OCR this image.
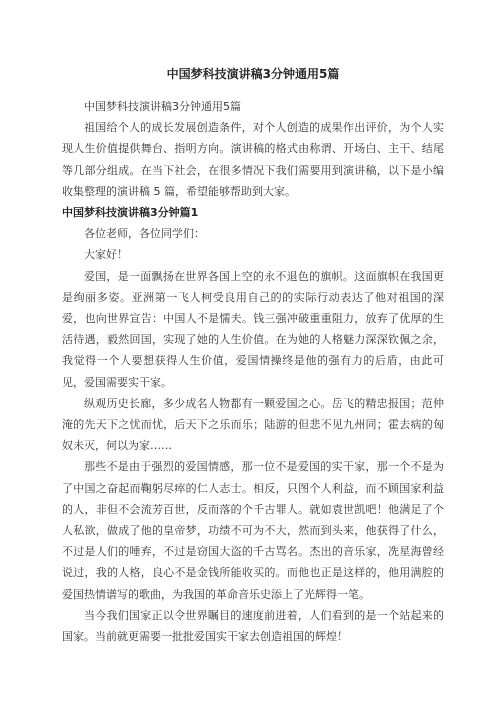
中国梦科技演讲稿3分钟通用5篇

中国梦科技演讲稿3分钟通用5篇

祖国给个人的成长发展创造条件，对个人创造的成果作出评价，为个人实现人生价值提供舞台、指明方向。演讲稿的格式由称谓、开场白、主干、结尾等几部分组成。在当下社会，在很多情况下我们需要用到演讲稿，以下是小编收集整理的演讲稿 5 篇，希望能够帮助到大家。

中国梦科技演讲稿3分钟篇1

各位老师，各位同学们：

大家好！

爱国，是一面飘扬在世界各国上空的永不退色的旗帜。这面旗帜在我国更是绚丽多姿。亚洲第一飞人柯受良用自己的的实际行动表达了他对祖国的深爱，也向世界宣告：中国人不是懦夫。钱三强冲破重重阻力，放弃了优厚的生活待遇，毅然回国，实现了她的人生价值。在为她的人格魅力深深钦佩之余，我觉得一个人要想获得人生价值，爱国情操终是他的强有力的后盾，由此可见，爱国需要实干家。

纵观历史长廊，多少成名人物都有一颗爱国之心。岳飞的精忠报国；范仲淹的先天下之忧而忧，后天下之乐而乐；陆游的但悲不见九州同；霍去病的匈奴未灭，何以为家……

那些不是由于强烈的爱国情感，那一位不是爱国的实干家，那一个不是为了中国之奋起而鞠躬尽瘁的仁人志士。相反，只图个人利益，而不顾国家利益的人，非但不会流芳百世，反而落的个千古罪人。就如袁世凯吧！他满足了个人私欲，做成了他的皇帝梦，功绩不可为不大，然而到头来，他获得了什么，不过是人们的唾弃，不过是窃国大盗的千古骂名。杰出的音乐家，冼星海曾经说过，我的人格，良心不是金钱所能收买的。而他也正是这样的，他用满腔的爱国热情谱写的歌曲，为我国的革命音乐史添上了光辉得一笔。

当今我们国家正以令世界瞩目的速度前进着，人们看到的是一个站起来的国家。当前就更需要一批批爱国实干家去创造祖国的辉煌！
